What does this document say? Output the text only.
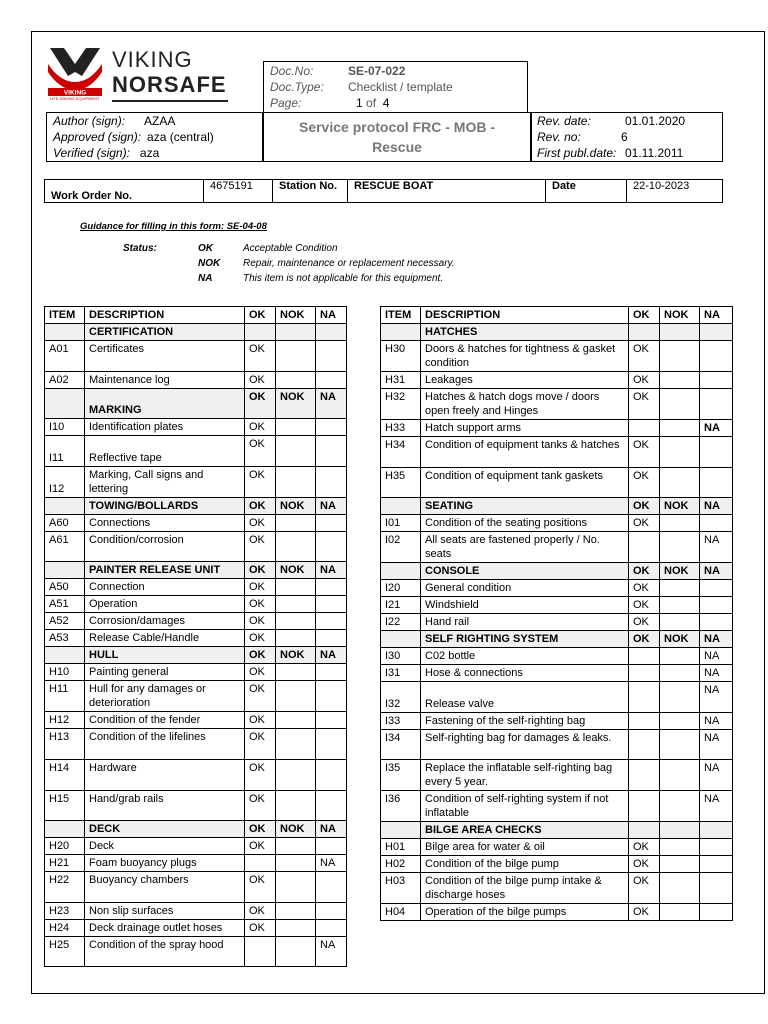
VIKING
LIFE-SAVING EQUIPMENT
VIKING
NORSAFE
Doc.No:	SE-07-022
Doc.Type: Checklist / template
Page:	1 of 4
Author (sign): AZAA
Approved (sign): aza (central)
Verified (sign): aza
Service protocol FRC - MOB - Rescue
Rev. date:	01.01.2020
Rev. no:	6
First publ.date: 01.11.2011
Work Order No.	4675191	Station No.	RESCUE BOAT	Date	22-10-2023
Guidance for filling in this form: SE-04-08
Status:	OK	Acceptable Condition
NOK Repair, maintenance or replacement necessary.
NA	This item is not applicable for this equipment.
ITEM	DESCRIPTION	OK	NOK	NA
	CERTIFICATION			
A01	Certificates	OK		
A02	Maintenance log	OK		
	MARKING	OK	NOK	NA
I10	Identification plates	OK		
I11	Reflective tape	OK		
I12	Marking, Call signs and lettering	OK		
	TOWING/BOLLARDS	OK	NOK	NA
A60	Connections	OK		
A61	Condition/corrosion	OK		
	PAINTER RELEASE UNIT	OK	NOK	NA
A50	Connection	OK		
A51	Operation	OK		
A52	Corrosion/damages	OK		
A53	Release Cable/Handle	OK		
	HULL	OK	NOK	NA
H10	Painting general	OK		
H11	Hull for any damages or deterioration	OK		
H12	Condition of the fender	OK		
H13	Condition of the lifelines	OK		
H14	Hardware	OK		
H15	Hand/grab rails	OK		
	DECK	OK	NOK	NA
H20	Deck	OK		
H21	Foam buoyancy plugs			NA
H22	Buoyancy chambers	OK		
H23	Non slip surfaces	OK		
H24	Deck drainage outlet hoses	OK		
H25	Condition of the spray hood			NA
ITEM	DESCRIPTION	OK	NOK	NA
	HATCHES			
H30	Doors & hatches for tightness & gasket condition	OK		
H31	Leakages	OK		
H32	Hatches & hatch dogs move / doors open freely and Hinges	OK		
H33	Hatch support arms			NA
H34	Condition of equipment tanks & hatches	OK		
H35	Condition of equipment tank gaskets	OK		
	SEATING	OK	NOK	NA
I01	Condition of the seating positions	OK		
I02	All seats are fastened properly / No. seats			NA
	CONSOLE	OK	NOK	NA
I20	General condition	OK		
I21	Windshield	OK		
I22	Hand rail	OK		
	SELF RIGHTING SYSTEM	OK	NOK	NA
I30	C02 bottle			NA
I31	Hose & connections			NA
I32	Release valve			NA
I33	Fastening of the self-righting bag			NA
I34	Self-righting bag for damages & leaks.			NA
I35	Replace the inflatable self-righting bag every 5 year.			NA
I36	Condition of self-righting system if not inflatable			NA
	BILGE AREA CHECKS			
H01	Bilge area for water & oil	OK		
H02	Condition of the bilge pump	OK		
H03	Condition of the bilge pump intake & discharge hoses	OK		
H04	Operation of the bilge pumps	OK		
